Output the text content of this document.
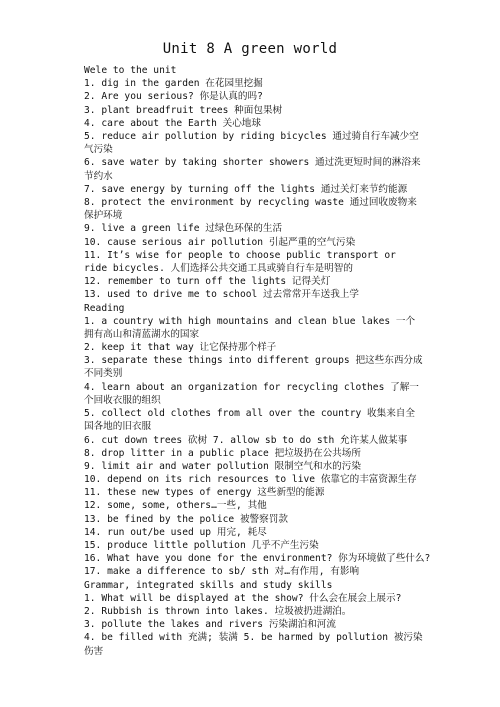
Unit 8 A green world
Wele to the unit
1. dig in the garden 在花园里挖掘
2. Are you serious? 你是认真的吗?
3. plant breadfruit trees 种面包果树
4. care about the Earth 关心地球
5. reduce air pollution by riding bicycles 通过骑自行车减少空气污染
6. save water by taking shorter showers 通过洗更短时间的淋浴来节约水
7. save energy by turning off the lights 通过关灯来节约能源
8. protect the environment by recycling waste 通过回收废物来保护环境
9. live a green life 过绿色环保的生活
10. cause serious air pollution 引起严重的空气污染
11. It’s wise for people to choose public transport or ride bicycles. 人们选择公共交通工具或骑自行车是明智的
12. remember to turn off the lights 记得关灯
13. used to drive me to school 过去常常开车送我上学
Reading
1. a country with high mountains and clean blue lakes 一个拥有高山和清蓝湖水的国家
2. keep it that way 让它保持那个样子
3. separate these things into different groups 把这些东西分成不同类别
4. learn about an organization for recycling clothes 了解一个回收衣服的组织
5. collect old clothes from all over the country 收集来自全国各地的旧衣服
6. cut down trees 砍树 7. allow sb to do sth 允许某人做某事
8. drop litter in a public place 把垃圾扔在公共场所
9. limit air and water pollution 限制空气和水的污染
10. depend on its rich resources to live 依靠它的丰富资源生存
11. these new types of energy 这些新型的能源
12. some, some, others…一些, 其他
13. be fined by the police 被警察罚款
14. run out/be used up 用完, 耗尽
15. produce little pollution 几乎不产生污染
16. What have you done for the environment? 你为环境做了些什么?
17. make a difference to sb/ sth 对…有作用, 有影响
Grammar, integrated skills and study skills
1. What will be displayed at the show? 什么会在展会上展示?
2. Rubbish is thrown into lakes. 垃圾被扔进湖泊。
3. pollute the lakes and rivers 污染湖泊和河流
4. be filled with 充满; 装满 5. be harmed by pollution 被污染伤害
